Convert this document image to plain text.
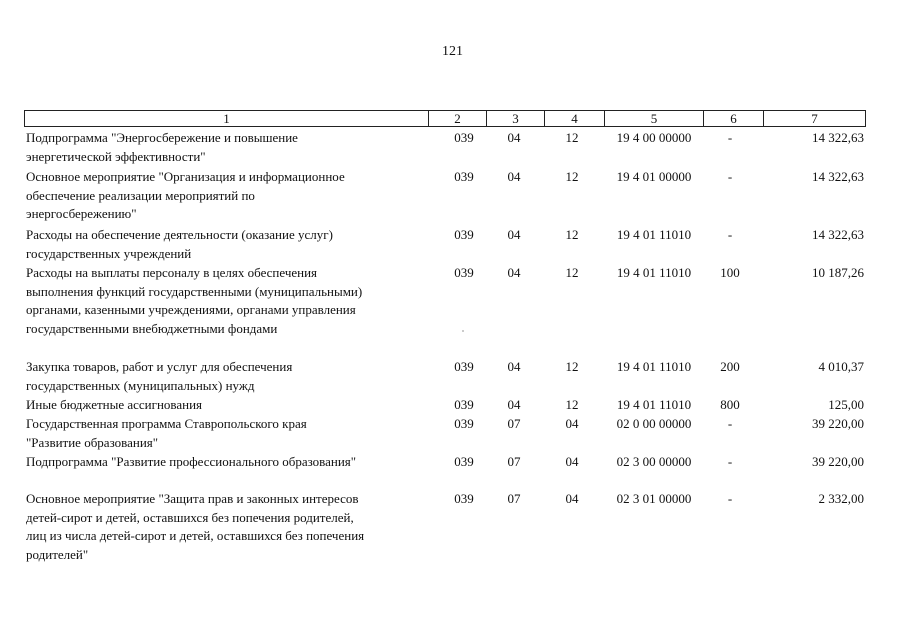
121
1	2	3	4	5	6	7
Подпрограмма "Энергосбережение и повышение
энергетической эффективности"
039	04	12	19 4 00 00000	-	14 322,63
Основное мероприятие "Организация и информационное
обеспечение реализации мероприятий по
энергосбережению"
039	04	12	19 4 01 00000	-	14 322,63
Расходы на обеспечение деятельности (оказание услуг)
государственных учреждений
039	04	12	19 4 01 11010	-	14 322,63
Расходы на выплаты персоналу в целях обеспечения
выполнения функций государственными (муниципальными)
органами, казенными учреждениями, органами управления
государственными внебюджетными фондами
039	04	12	19 4 01 11010	100	10 187,26
Закупка товаров, работ и услуг для обеспечения
государственных (муниципальных) нужд
039	04	12	19 4 01 11010	200	4 010,37
Иные бюджетные ассигнования	039	04	12	19 4 01 11010	800	125,00
Государственная программа Ставропольского края
"Развитие образования"
039	07	04	02 0 00 00000	-	39 220,00
Подпрограмма "Развитие профессионального образования"	039	07	04	02 3 00 00000	-	39 220,00
Основное мероприятие "Защита прав и законных интересов
детей-сирот и детей, оставшихся без попечения родителей,
лиц из числа детей-сирот и детей, оставшихся без попечения
родителей"
039	07	04	02 3 01 00000	-	2 332,00
